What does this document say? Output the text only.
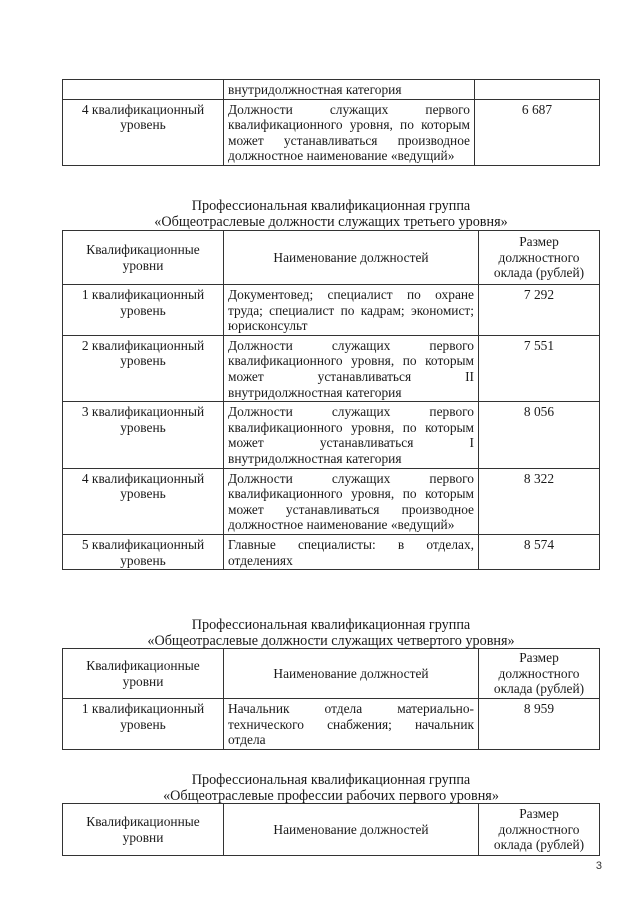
	внутридолжностная категория	
4 квалификационный уровень	Должности служащих первого квалификационного уровня, по которым может устанавливаться производное должностное наименование «ведущий»	6 687
Профессиональная квалификационная группа
«Общеотраслевые должности служащих третьего уровня»
Квалификационные уровни	Наименование должностей	Размер должностного оклада (рублей)
1 квалификационный уровень	Документовед; специалист по охране труда; специалист по кадрам; экономист; юрисконсульт	7 292
2 квалификационный уровень	Должности служащих первого квалификационного уровня, по которым может устанавливаться II внутридолжностная категория	7 551
3 квалификационный уровень	Должности служащих первого квалификационного уровня, по которым может устанавливаться I внутридолжностная категория	8 056
4 квалификационный уровень	Должности служащих первого квалификационного уровня, по которым может устанавливаться производное должностное наименование «ведущий»	8 322
5 квалификационный уровень	Главные специалисты: в отделах, отделениях	8 574
Профессиональная квалификационная группа
«Общеотраслевые должности служащих четвертого уровня»
Квалификационные уровни	Наименование должностей	Размер должностного оклада (рублей)
1 квалификационный уровень	Начальник отдела материально-технического снабжения; начальник отдела	8 959
Профессиональная квалификационная группа
«Общеотраслевые профессии рабочих первого уровня»
Квалификационные уровни	Наименование должностей	Размер должностного оклада (рублей)
3
